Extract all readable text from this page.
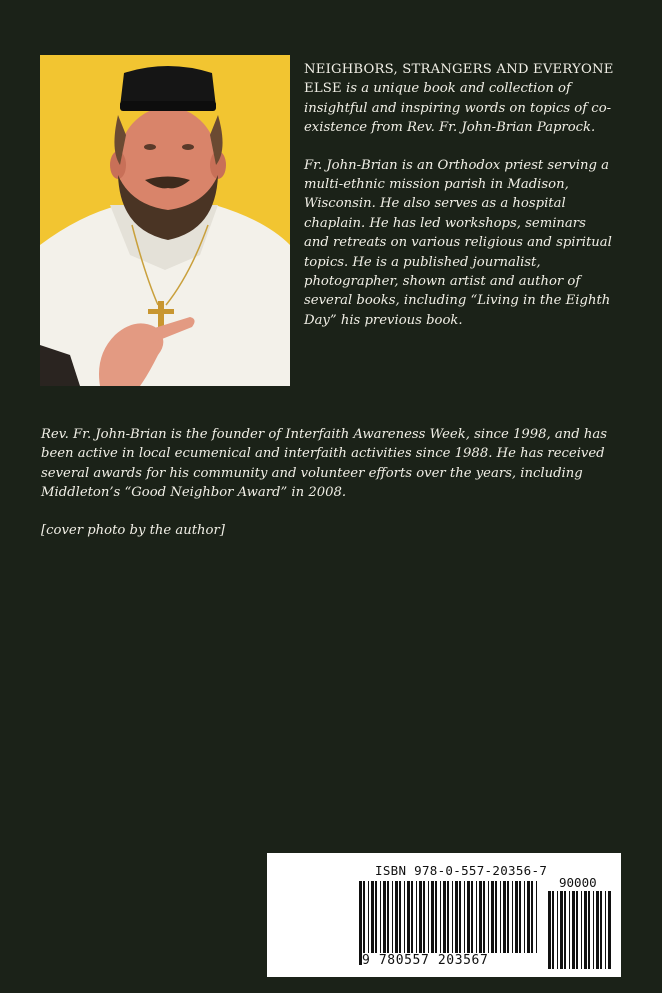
NEIGHBORS, STRANGERS AND EVERYONE ELSE is a unique book and collection of insightful and inspiring words on topics of co-existence from Rev. Fr. John-Brian Paprock.

Fr. John-Brian is an Orthodox priest serving a multi-ethnic mission parish in Madison, Wisconsin. He also serves as a hospital chaplain. He has led workshops, seminars and retreats on various religious and spiritual topics. He is a published journalist, photographer, shown artist and author of several books, including “Living in the Eighth Day” his previous book.

Rev. Fr. John-Brian is the founder of Interfaith Awareness Week, since 1998, and has been active in local ecumenical and interfaith activities since 1988. He has received several awards for his community and volunteer efforts over the years, including Middleton’s “Good Neighbor Award” in 2008.

[cover photo by the author]

ISBN 978-0-557-20356-7
90000
9 780557 203567
